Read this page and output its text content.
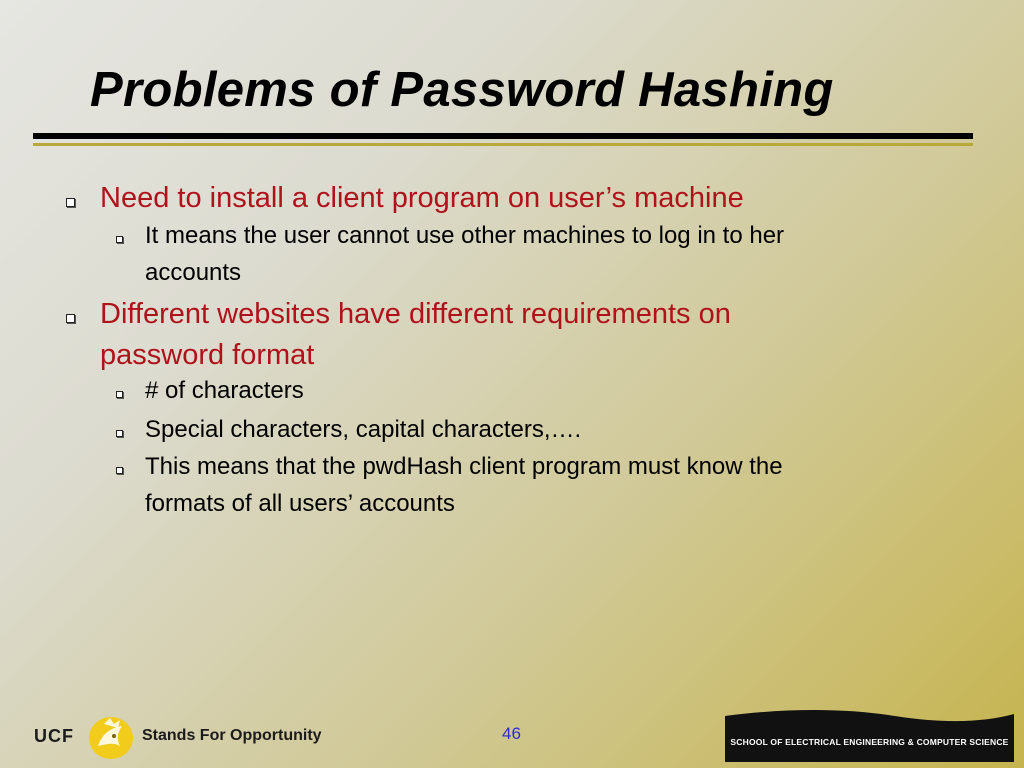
Problems of Password Hashing
Need to install a client program on user’s machine
It means the user cannot use other machines to log in to her
accounts
Different websites have different requirements on
password format
# of characters
Special characters, capital characters,….
This means that the pwdHash client program must know the
formats of all users’ accounts
UCF	Stands For Opportunity	46	SCHOOL OF ELECTRICAL ENGINEERING & COMPUTER SCIENCE
